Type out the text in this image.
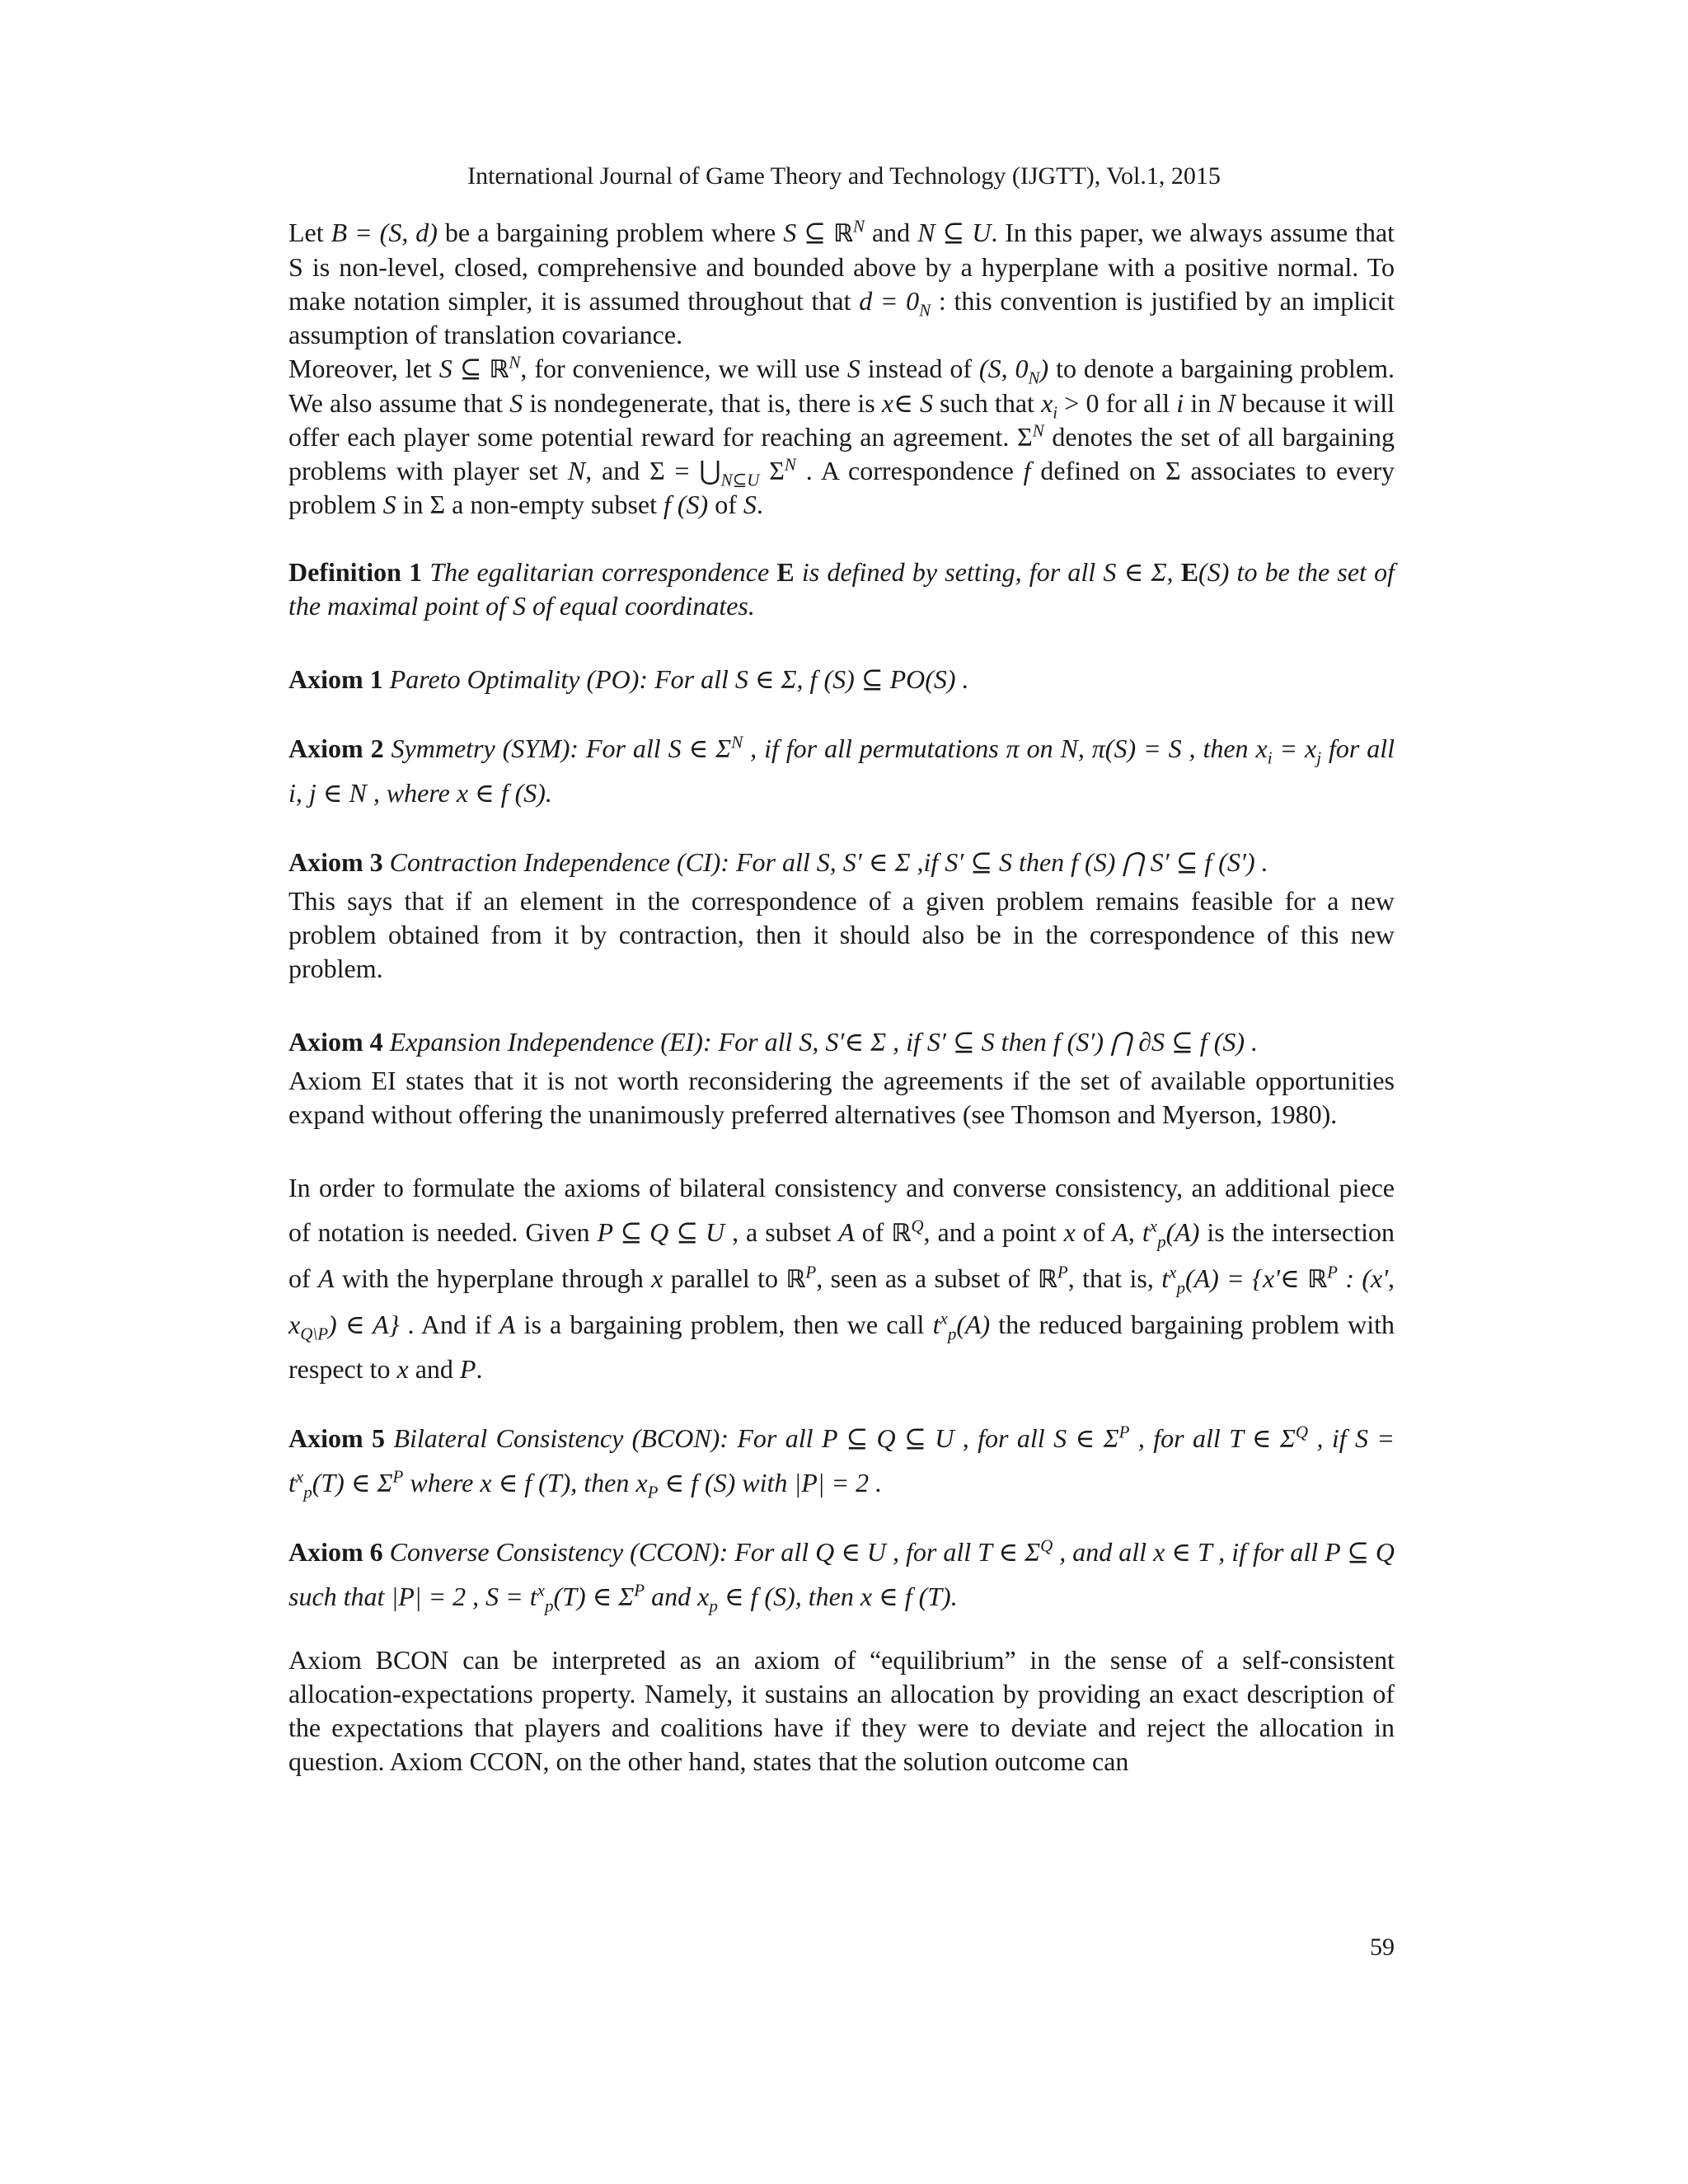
International Journal of Game Theory and Technology (IJGTT), Vol.1, 2015

Let B = (S, d) be a bargaining problem where S ⊆ ℝ$^N$ and N ⊆ U. In this paper, we always assume that S is non-level, closed, comprehensive and bounded above by a hyperplane with a positive normal. To make notation simpler, it is assumed throughout that $d = 0_N$ : this convention is justified by an implicit assumption of translation covariance.

Moreover, let S ⊆ ℝ$^N$, for convenience, we will use S instead of (S, $0_N$) to denote a bargaining problem. We also assume that S is nondegenerate, that is, there is x∈ S such that $x_i > 0$ for all i in N because it will offer each player some potential reward for reaching an agreement. $\Sigma^N$ denotes the set of all bargaining problems with player set N, and $\Sigma = ⋃_{N⊆U}$ $\Sigma^N$ . A correspondence f defined on Σ associates to every problem S in Σ a non-empty subset f (S) of S.

Definition 1 The egalitarian correspondence E is defined by setting, for all S ∈ Σ, E(S) to be the set of the maximal point of S of equal coordinates.

Axiom 1 Pareto Optimality (PO): For all S ∈ Σ, f (S) ⊆ PO(S) .

Axiom 2 Symmetry (SYM): For all S ∈ $\Sigma^N$ , if for all permutations π on N, π(S) = S , then $x_i = x_j$ for all i, j ∈ N , where x ∈ f (S).

Axiom 3 Contraction Independence (CI): For all S, S′ ∈ Σ ,if S′ ⊆ S then f (S) ⋂ S′ ⊆ f (S′) .
This says that if an element in the correspondence of a given problem remains feasible for a new problem obtained from it by contraction, then it should also be in the correspondence of this new problem.

Axiom 4 Expansion Independence (EI): For all S, S′∈ Σ , if S′ ⊆ S then f (S′) ⋂ ∂S ⊆ f (S) .
Axiom EI states that it is not worth reconsidering the agreements if the set of available opportunities expand without offering the unanimously preferred alternatives (see Thomson and Myerson, 1980).

In order to formulate the axioms of bilateral consistency and converse consistency, an additional piece of notation is needed. Given P ⊆ Q ⊆ U , a subset A of ℝ$^Q$, and a point x of A, $t^x_p(A)$ is the intersection of A with the hyperplane through x parallel to ℝ$^P$, seen as a subset of ℝ$^P$, that is, $t^x_p(A)$ = {x'∈ ℝ$^P$ : (x', $x_{Q\backslash P}$) ∈ A} . And if A is a bargaining problem, then we call $t^x_p(A)$ the reduced bargaining problem with respect to x and P.

Axiom 5 Bilateral Consistency (BCON): For all P ⊆ Q ⊆ U , for all S ∈ $\Sigma^P$ , for all T ∈ $\Sigma^Q$ , if $S = t^x_p(T)$ ∈ $\Sigma^P$ where x ∈ f (T), then $x_P$ ∈ f (S) with |P| = 2 .

Axiom 6 Converse Consistency (CCON): For all Q ∈ U , for all T ∈ $\Sigma^Q$ , and all x ∈ T , if for all P ⊆ Q such that |P| = 2 , $S = t^x_p(T)$ ∈ $\Sigma^P$ and $x_p$ ∈ f (S), then x ∈ f (T).

Axiom BCON can be interpreted as an axiom of “equilibrium” in the sense of a self-consistent allocation-expectations property. Namely, it sustains an allocation by providing an exact description of the expectations that players and coalitions have if they were to deviate and reject the allocation in question. Axiom CCON, on the other hand, states that the solution outcome can

59
